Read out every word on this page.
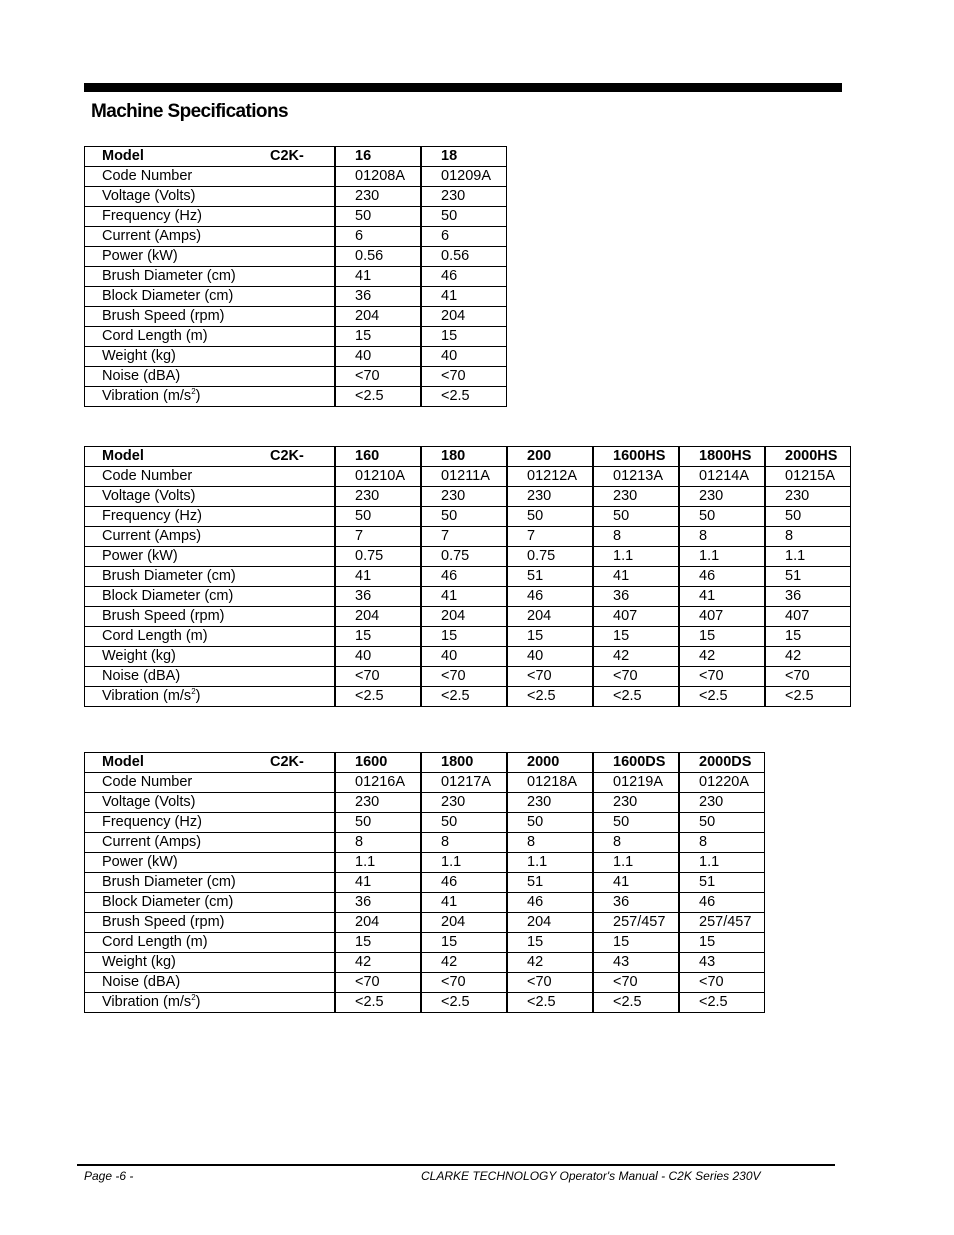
Machine Specifications
Model C2K-	16	18
Code Number	01208A	01209A
Voltage (Volts)	230	230
Frequency (Hz)	50	50
Current (Amps)	6	6
Power (kW)	0.56	0.56
Brush Diameter (cm)	41	46
Block Diameter (cm)	36	41
Brush Speed (rpm)	204	204
Cord Length (m)	15	15
Weight (kg)	40	40
Noise (dBA)	<70	<70
Vibration $(m/s^2)$	<2.5	<2.5
Model C2K-	160	180	200	1600HS	1800HS	2000HS
Code Number	01210A	01211A	01212A	01213A	01214A	01215A
Voltage (Volts)	230	230	230	230	230	230
Frequency (Hz)	50	50	50	50	50	50
Current (Amps)	7	7	7	8	8	8
Power (kW)	0.75	0.75	0.75	1.1	1.1	1.1
Brush Diameter (cm)	41	46	51	41	46	51
Block Diameter (cm)	36	41	46	36	41	36
Brush Speed (rpm)	204	204	204	407	407	407
Cord Length (m)	15	15	15	15	15	15
Weight (kg)	40	40	40	42	42	42
Noise (dBA)	<70	<70	<70	<70	<70	<70
Vibration $(m/s^2)$	<2.5	<2.5	<2.5	<2.5	<2.5	<2.5
Model C2K-	1600	1800	2000	1600DS	2000DS
Code Number	01216A	01217A	01218A	01219A	01220A
Voltage (Volts)	230	230	230	230	230
Frequency (Hz)	50	50	50	50	50
Current (Amps)	8	8	8	8	8
Power (kW)	1.1	1.1	1.1	1.1	1.1
Brush Diameter (cm)	41	46	51	41	51
Block Diameter (cm)	36	41	46	36	46
Brush Speed (rpm)	204	204	204	257/457	257/457
Cord Length (m)	15	15	15	15	15
Weight (kg)	42	42	42	43	43
Noise (dBA)	<70	<70	<70	<70	<70
Vibration $(m/s^2)$	<2.5	<2.5	<2.5	<2.5	<2.5
Page -6 -	CLARKE TECHNOLOGY Operator's Manual - C2K Series 230V
